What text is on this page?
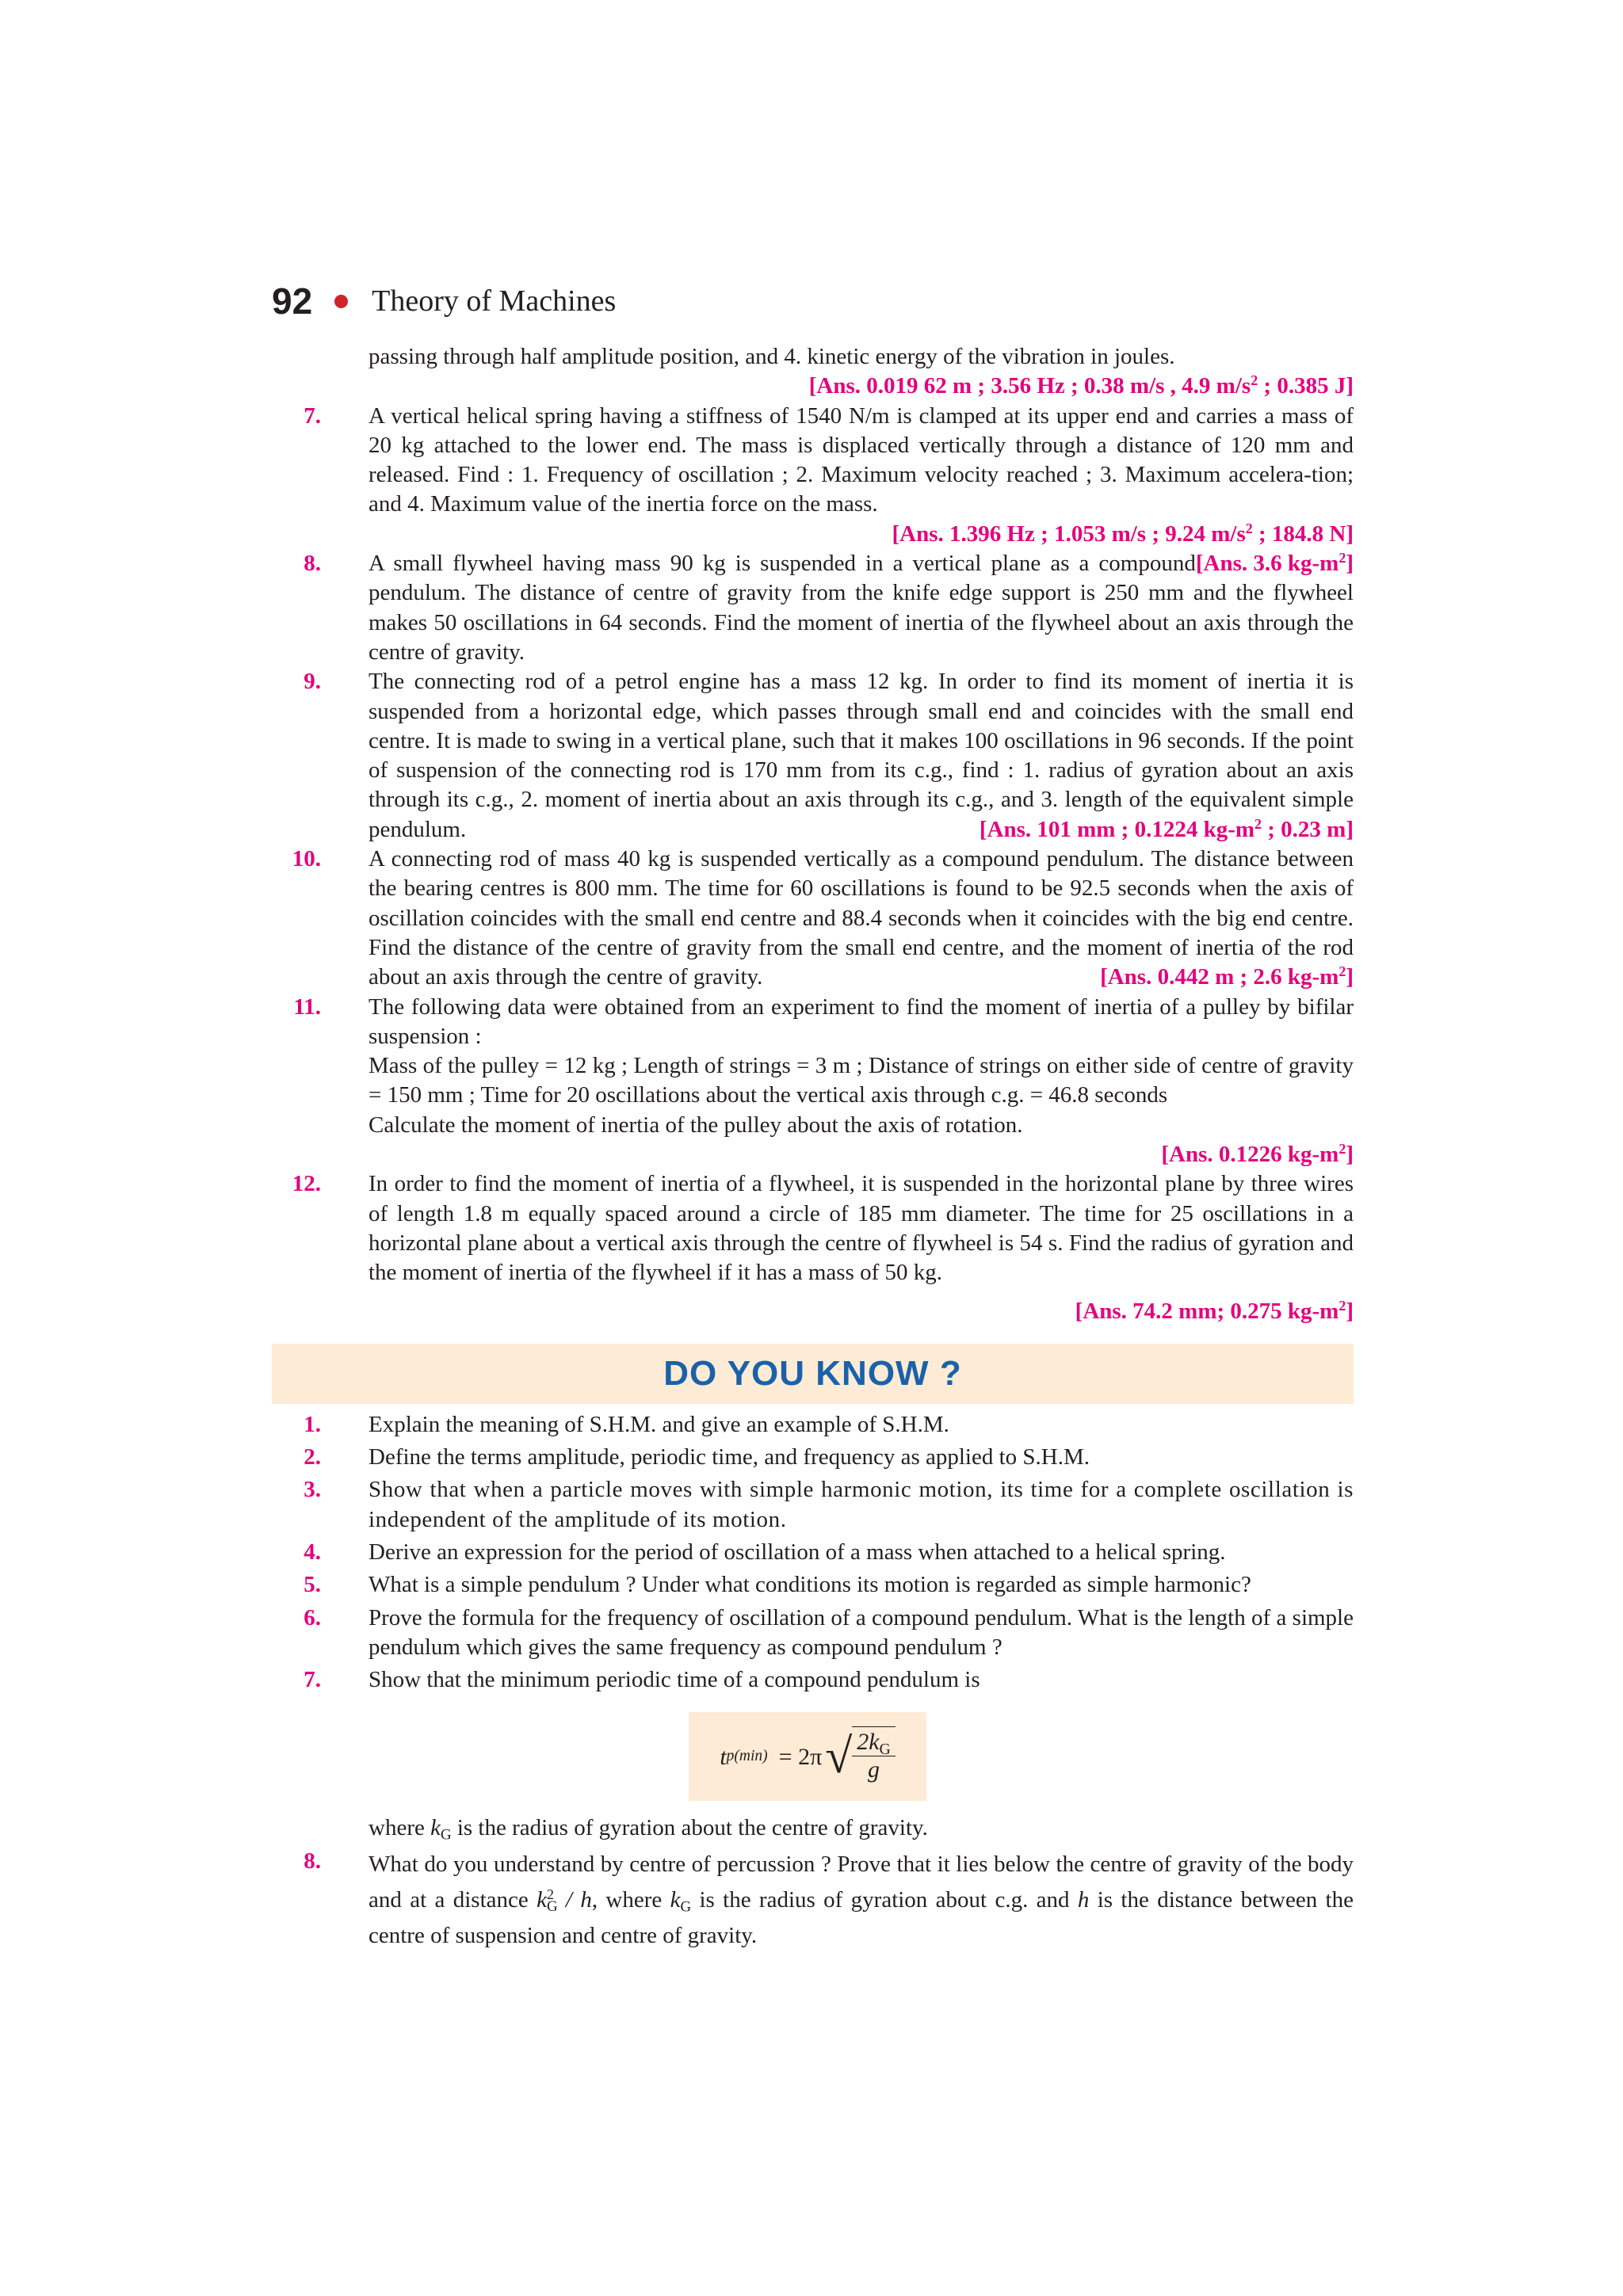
92 Theory of Machines
passing through half amplitude position, and 4. kinetic energy of the vibration in joules.
[Ans. 0.019 62 m ; 3.56 Hz ; 0.38 m/s , 4.9 $m/s^2$ ; 0.385 J]
7.	A vertical helical spring having a stiffness of 1540 N/m is clamped at its upper end and carries a mass of 20 kg attached to the lower end. The mass is displaced vertically through a distance of 120 mm and released. Find : 1. Frequency of oscillation ; 2. Maximum velocity reached ; 3. Maximum accelera-tion; and 4. Maximum value of the inertia force on the mass.
[Ans. 1.396 Hz ; 1.053 m/s ; 9.24 $m/s^2$ ; 184.8 N]
8.	[Ans. 3.6 $kg-m^2$]
A small flywheel having mass 90 kg is suspended in a vertical plane as a compound pendulum. The distance of centre of gravity from the knife edge support is 250 mm and the flywheel makes 50 oscillations in 64 seconds. Find the moment of inertia of the flywheel about an axis through the centre of gravity.
9.	The connecting rod of a petrol engine has a mass 12 kg. In order to find its moment of inertia it is suspended from a horizontal edge, which passes through small end and coincides with the small end centre. It is made to swing in a vertical plane, such that it makes 100 oscillations in 96 seconds. If the point of suspension of the connecting rod is 170 mm from its c.g., find : 1. radius of gyration about an axis through its c.g., 2. moment of inertia about an axis through its c.g., and 3. length of the equivalent simple pendulum.	[Ans. 101 mm ; 0.1224 $kg-m^2$ ; 0.23 m]
10.	A connecting rod of mass 40 kg is suspended vertically as a compound pendulum. The distance between the bearing centres is 800 mm. The time for 60 oscillations is found to be 92.5 seconds when the axis of oscillation coincides with the small end centre and 88.4 seconds when it coincides with the big end centre. Find the distance of the centre of gravity from the small end centre, and the moment of inertia of the rod about an axis through the centre of gravity.	[Ans. 0.442 m ; 2.6 $kg-m^2$]
11.	The following data were obtained from an experiment to find the moment of inertia of a pulley by bifilar suspension :
Mass of the pulley = 12 kg ; Length of strings = 3 m ; Distance of strings on either side of centre of gravity = 150 mm ; Time for 20 oscillations about the vertical axis through c.g. = 46.8 seconds
Calculate the moment of inertia of the pulley about the axis of rotation.
[Ans. 0.1226 $kg-m^2$]
12.	In order to find the moment of inertia of a flywheel, it is suspended in the horizontal plane by three wires of length 1.8 m equally spaced around a circle of 185 mm diameter. The time for 25 oscillations in a horizontal plane about a vertical axis through the centre of flywheel is 54 s. Find the radius of gyration and the moment of inertia of the flywheel if it has a mass of 50 kg.
[Ans. 74.2 mm; 0.275 $kg-m^2$]
DO YOU KNOW ?
1.	Explain the meaning of S.H.M. and give an example of S.H.M.
2.	Define the terms amplitude, periodic time, and frequency as applied to S.H.M.
3.	Show that when a particle moves with simple harmonic motion, its time for a complete oscillation is independent of the amplitude of its motion.
4.	Derive an expression for the period of oscillation of a mass when attached to a helical spring.
5.	What is a simple pendulum ? Under what conditions its motion is regarded as simple harmonic?
6.	Prove the formula for the frequency of oscillation of a compound pendulum. What is the length of a simple pendulum which gives the same frequency as compound pendulum ?
7.	Show that the minimum periodic time of a compound pendulum is
t p(min) = 2π √ $\frac{2k_G}{g}$
where $k_G$ is the radius of gyration about the centre of gravity.
8.	What do you understand by centre of percussion ? Prove that it lies below the centre of gravity of the body and at a distance $k^2_G$ / h, where $k_G$ is the radius of gyration about c.g. and h is the distance between the centre of suspension and centre of gravity.
